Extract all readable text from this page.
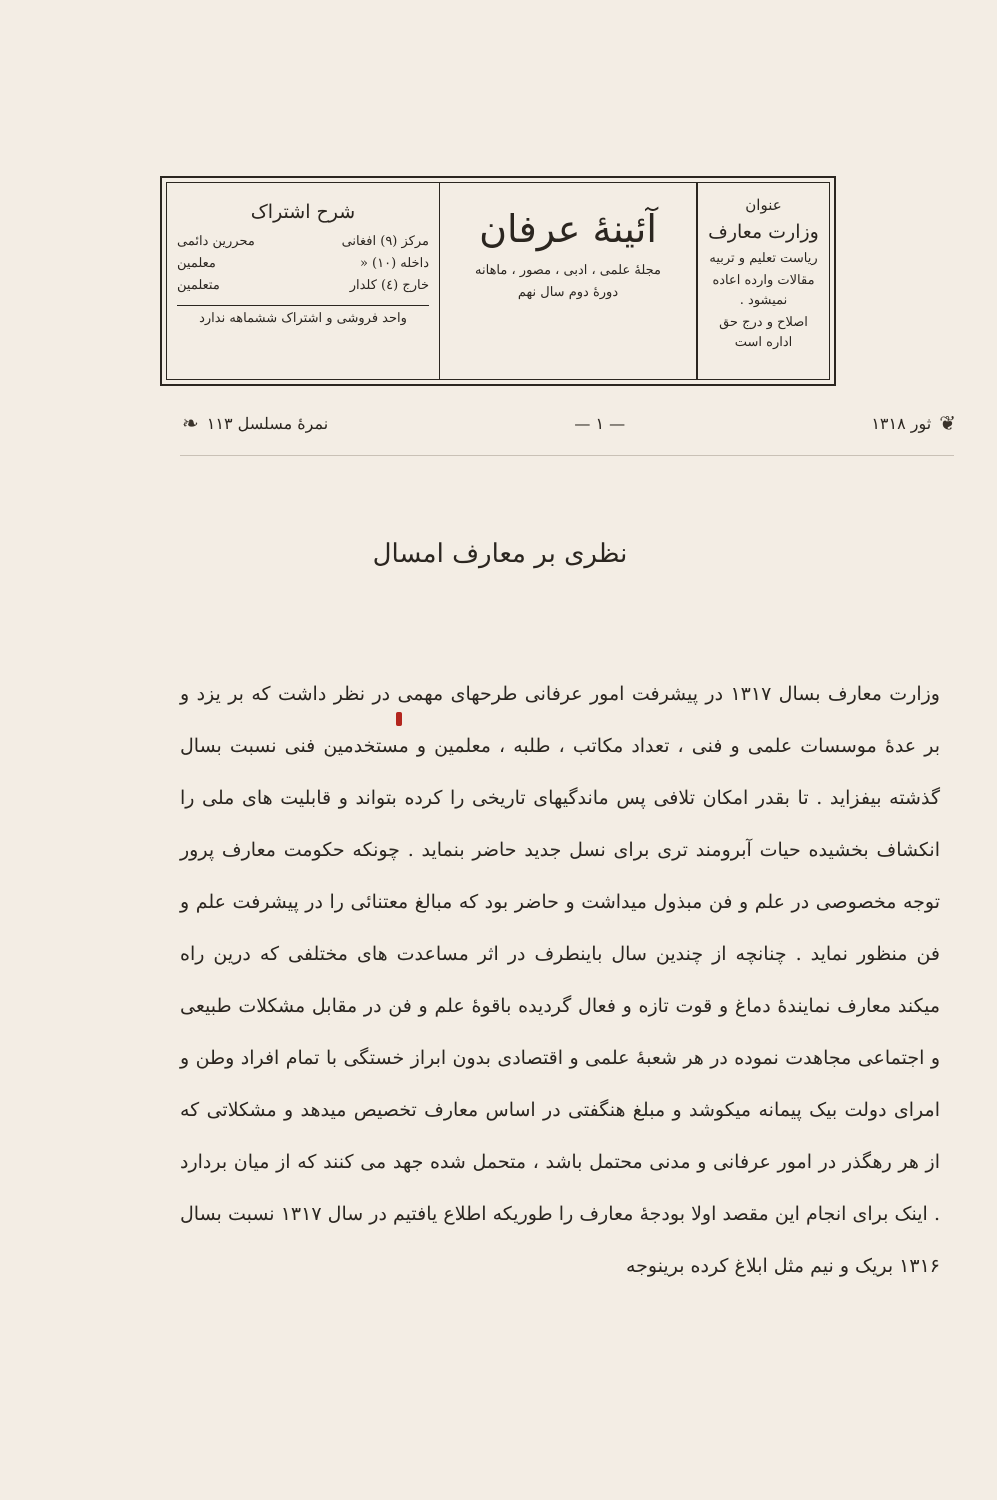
عنوان

وزارت معارف

ریاست تعلیم و تربیه

مقالات وارده اعاده نمیشود .

اصلاح و درج حق اداره است

آئینهٔ عرفان

مجلهٔ علمی ، ادبی ، مصور ، ماهانه

دورهٔ دوم سال نهم

شرح اشتراک

مرکز (۹) افغانی
محررین دائمی
داخله (۱۰) «
معلمین
خارج (٤) کلدار
متعلمین

واحد فروشی و اشتراک ششماهه ندارد

❦
ثور ۱۳۱۸
— ۱ —
نمرهٔ مسلسل ۱۱۳
❧
نظری بر معارف امسال

وزارت معارف بسال ۱۳۱۷ در پیشرفت امور عرفانی طرحهای مهمی در نظر داشت که بر یزد و بر عدهٔ موسسات علمی و فنی ، تعداد مکاتب ، طلبه ، معلمین و مستخدمین فنی نسبت بسال گذشته بیفزاید . تا بقدر امکان تلافی پس ماندگیهای تاریخی را کرده بتواند و قابلیت های ملی را انکشاف بخشیده حیات آبرومند تری برای نسل جدید حاضر بنماید . چونکه حکومت معارف پرور توجه مخصوصی در علم و فن مبذول میداشت و حاضر بود که مبالغ معتنائی را در پیشرفت علم و فن منظور نماید . چنانچه از چندین سال باینطرف در اثر مساعدت های مختلفی که درین راه میکند معارف نمایندهٔ دماغ و قوت تازه و فعال گردیده باقوهٔ علم و فن در مقابل مشکلات طبیعی و اجتماعی مجاهدت نموده در هر شعبهٔ علمی و اقتصادی بدون ابراز خستگی با تمام افراد وطن و امرای دولت بیک پیمانه میکوشد و مبلغ هنگفتی در اساس معارف تخصیص میدهد و مشکلاتی که از هر رهگذر در امور عرفانی و مدنی محتمل باشد ، متحمل شده جهد می کنند که از میان بردارد . اینک برای انجام این مقصد اولا بودجهٔ معارف را طوریکه اطلاع یافتیم در سال ۱۳۱۷ نسبت بسال ۱۳۱۶ بریک و نیم مثل ابلاغ کرده برینوجه
